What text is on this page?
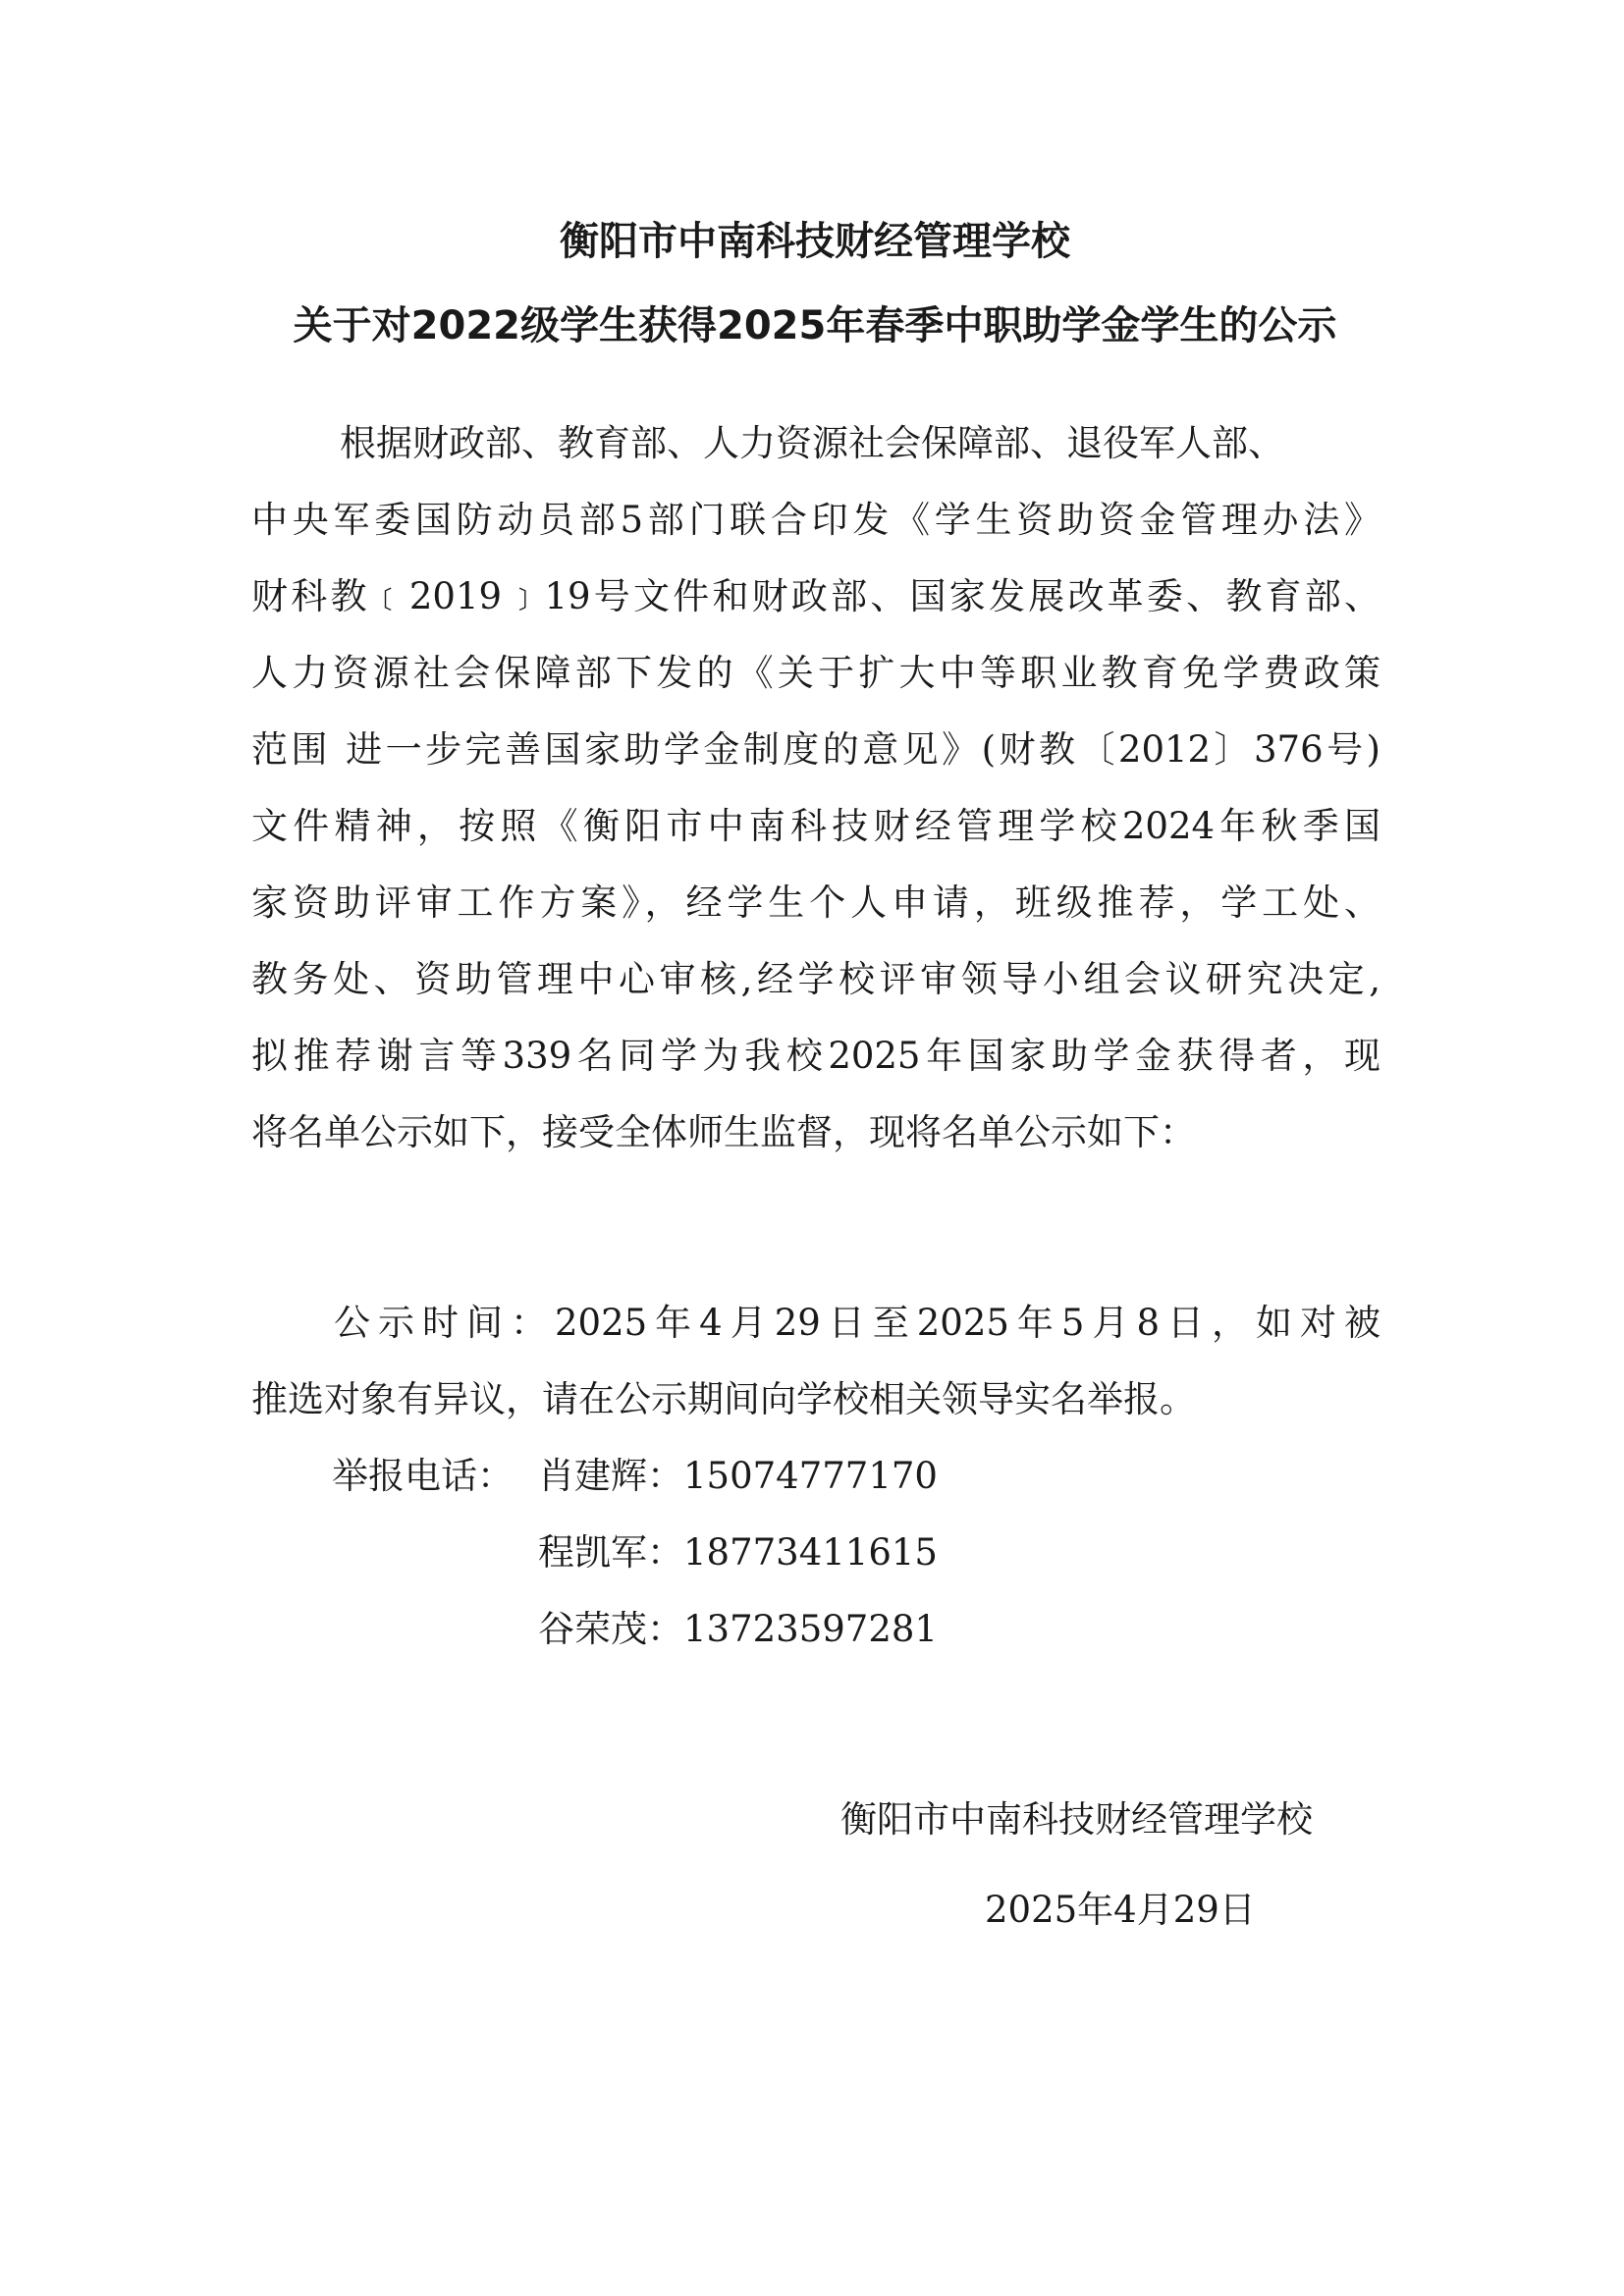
衡阳市中南科技财经管理学校
关于对2022级学生获得2025年春季中职助学金学生的公示
根据财政部、教育部、人力资源社会保障部、退役军人部、
中央军委国防动员部5部门联合印发《学生资助资金管理办法》
财科教﹝2019﹞19号文件和财政部、国家发展改革委、教育部、
人力资源社会保障部下发的《关于扩大中等职业教育免学费政策
范围 进一步完善国家助学金制度的意见》(财教〔2012〕376号)
文件精神，按照《衡阳市中南科技财经管理学校2024年秋季国
家资助评审工作方案》，经学生个人申请，班级推荐，学工处、
教务处、资助管理中心审核,经学校评审领导小组会议研究决定,
拟推荐谢言等339名同学为我校2025年国家助学金获得者，现
将名单公示如下，接受全体师生监督，现将名单公示如下：
公示时间：2025年4月29日至2025年5月8日，如对被
推选对象有异议，请在公示期间向学校相关领导实名举报。
举报电话： 肖建辉：15074777170
程凯军：18773411615
谷荣茂：13723597281
衡阳市中南科技财经管理学校
2025年4月29日
